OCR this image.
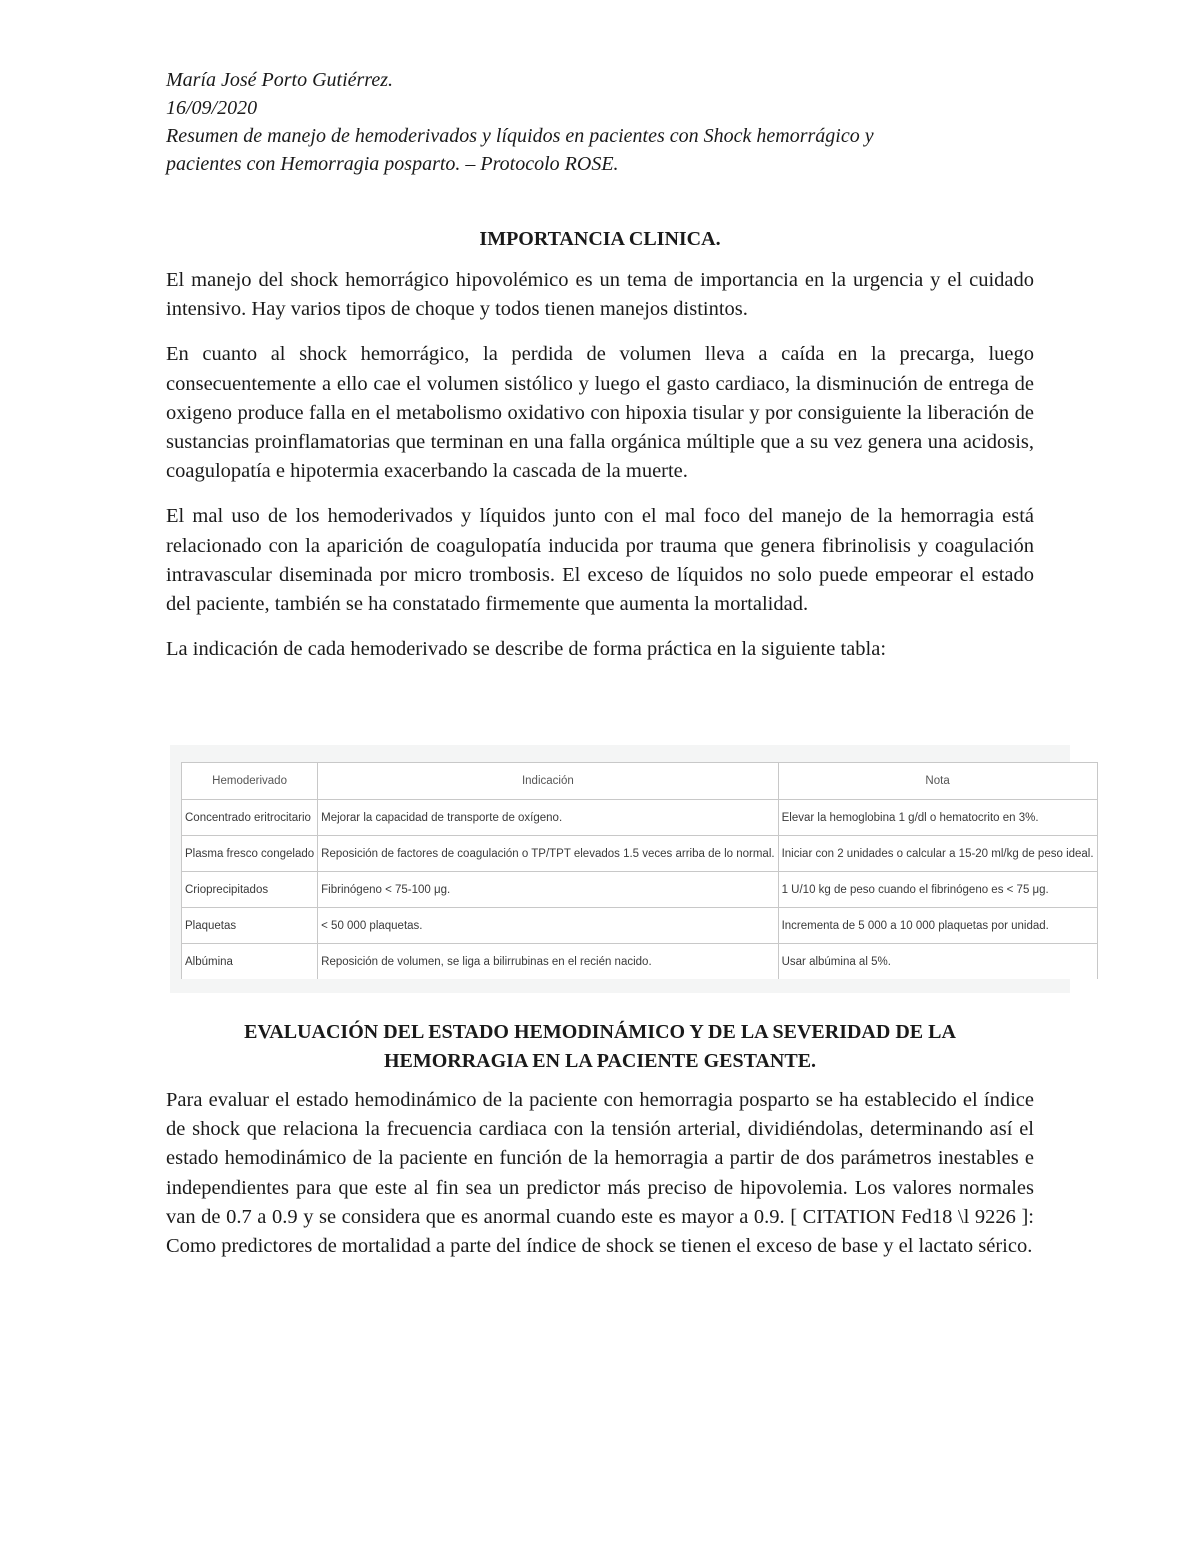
María José Porto Gutiérrez.

16/09/2020

Resumen de manejo de hemoderivados y líquidos en pacientes con Shock hemorrágico y

pacientes con Hemorragia posparto. – Protocolo ROSE.

IMPORTANCIA CLINICA.

El manejo del shock hemorrágico hipovolémico es un tema de importancia en la urgencia y el cuidado intensivo. Hay varios tipos de choque y todos tienen manejos distintos.

En cuanto al shock hemorrágico, la perdida de volumen lleva a caída en la precarga, luego consecuentemente a ello cae el volumen sistólico y luego el gasto cardiaco, la disminución de entrega de oxigeno produce falla en el metabolismo oxidativo con hipoxia tisular y por consiguiente la liberación de sustancias proinflamatorias que terminan en una falla orgánica múltiple que a su vez genera una acidosis, coagulopatía e hipotermia exacerbando la cascada de la muerte.

El mal uso de los hemoderivados y líquidos junto con el mal foco del manejo de la hemorragia está relacionado con la aparición de coagulopatía inducida por trauma que genera fibrinolisis y coagulación intravascular diseminada por micro trombosis. El exceso de líquidos no solo puede empeorar el estado del paciente, también se ha constatado firmemente que aumenta la mortalidad.

La indicación de cada hemoderivado se describe de forma práctica en la siguiente tabla:

Hemoderivado	Indicación	Nota
Concentrado eritrocitario	Mejorar la capacidad de transporte de oxígeno.	Elevar la hemoglobina 1 g/dl o hematocrito en 3%.
Plasma fresco congelado	Reposición de factores de coagulación o TP/TPT elevados 1.5 veces arriba de lo normal.	Iniciar con 2 unidades o calcular a 15-20 ml/kg de peso ideal.
Crioprecipitados	Fibrinógeno < 75-100 μg.	1 U/10 kg de peso cuando el fibrinógeno es < 75 μg.
Plaquetas	< 50 000 plaquetas.	Incrementa de 5 000 a 10 000 plaquetas por unidad.
Albúmina	Reposición de volumen, se liga a bilirrubinas en el recién nacido.	Usar albúmina al 5%.

EVALUACIÓN DEL ESTADO HEMODINÁMICO Y DE LA SEVERIDAD DE LA

HEMORRAGIA EN LA PACIENTE GESTANTE.

Para evaluar el estado hemodinámico de la paciente con hemorragia posparto se ha establecido el índice de shock que relaciona la frecuencia cardiaca con la tensión arterial, dividiéndolas, determinando así el estado hemodinámico de la paciente en función de la hemorragia a partir de dos parámetros inestables e independientes para que este al fin sea un predictor más preciso de hipovolemia. Los valores normales van de 0.7 a 0.9 y se considera que es anormal cuando este es mayor a 0.9. [ CITATION Fed18 \l 9226 ]: Como predictores de mortalidad a parte del índice de shock se tienen el exceso de base y el lactato sérico.
